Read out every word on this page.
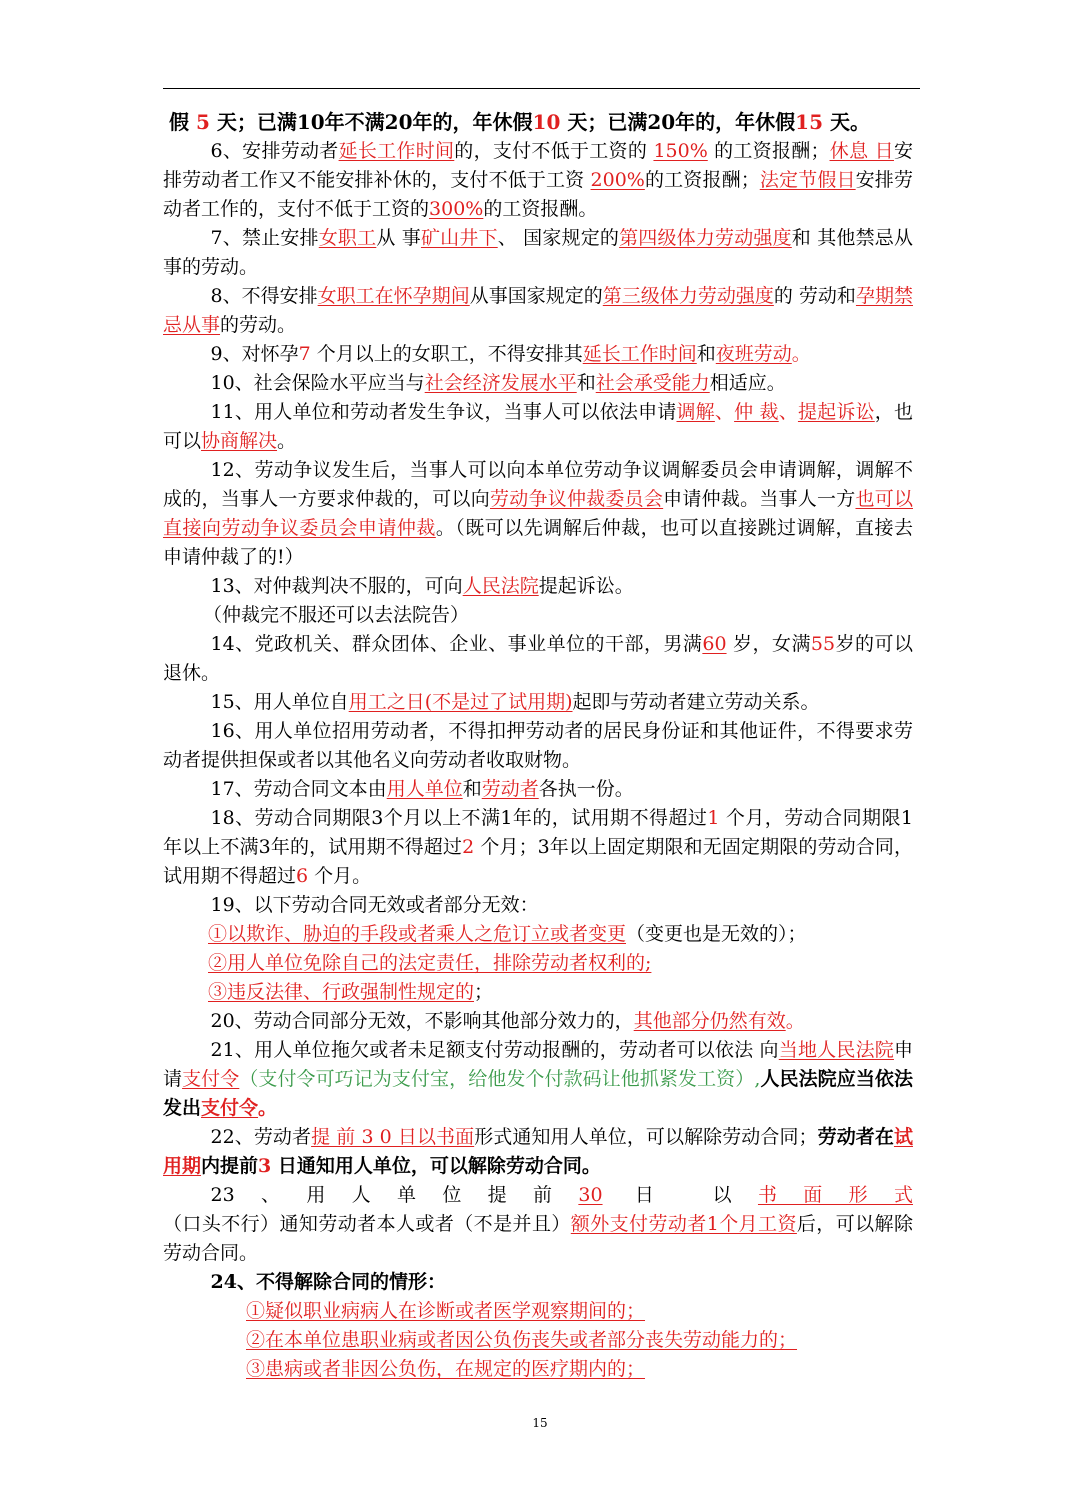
假 5 天；已满10年不满20年的，年休假10 天；已满20年的，年休假15 天。

6、安排劳动者延长工作时间的，支付不低于工资的 150% 的工资报酬；休息 日安排劳动者工作又不能安排补休的，支付不低于工资 200%的工资报酬；法定节假日安排劳动者工作的，支付不低于工资的300%的工资报酬。

7、禁止安排女职工从 事矿山井下、 国家规定的第四级体力劳动强度和 其他禁忌从事的劳动。

8、不得安排女职工在怀孕期间从事国家规定的第三级体力劳动强度的 劳动和孕期禁忌从事的劳动。

9、对怀孕7 个月以上的女职工，不得安排其延长工作时间和夜班劳动。

10、社会保险水平应当与社会经济发展水平和社会承受能力相适应。

11、用人单位和劳动者发生争议，当事人可以依法申请调解、仲 裁、提起诉讼，也可以协商解决。

12、劳动争议发生后，当事人可以向本单位劳动争议调解委员会申请调解，调解不成的，当事人一方要求仲裁的，可以向劳动争议仲裁委员会申请仲裁。当事人一方也可以直接向劳动争议委员会申请仲裁。（既可以先调解后仲裁，也可以直接跳过调解，直接去申请仲裁了的!）

13、对仲裁判决不服的，可向人民法院提起诉讼。

（仲裁完不服还可以去法院告）

14、党政机关、群众团体、企业、事业单位的干部，男满60 岁，女满55岁的可以退休。

15、用人单位自用工之日(不是过了试用期)起即与劳动者建立劳动关系。

16、用人单位招用劳动者，不得扣押劳动者的居民身份证和其他证件，不得要求劳动者提供担保或者以其他名义向劳动者收取财物。

17、劳动合同文本由用人单位和劳动者各执一份。

18、劳动合同期限3个月以上不满1年的，试用期不得超过1 个月，劳动合同期限1年以上不满3年的，试用期不得超过2 个月；3年以上固定期限和无固定期限的劳动合同，试用期不得超过6 个月。

19、以下劳动合同无效或者部分无效：

①以欺诈、胁迫的手段或者乘人之危订立或者变更（变更也是无效的）；

②用人单位免除自己的法定责任，排除劳动者权利的;

③违反法律、行政强制性规定的；

20、劳动合同部分无效，不影响其他部分效力的，其他部分仍然有效。

21、用人单位拖欠或者未足额支付劳动报酬的，劳动者可以依法 向当地人民法院申请支付令（支付令可巧记为支付宝，给他发个付款码让他抓紧发工资）,人民法院应当依法发出支付令。

22、劳动者提 前 3 0 日以书面形式通知用人单位，可以解除劳动合同；劳动者在试用期内提前3 日通知用人单位，可以解除劳动合同。

23、用人单位提前30 日 以书面形式（口头不行）通知劳动者本人或者（不是并且）额外支付劳动者1个月工资后，可以解除劳动合同。

24、不得解除合同的情形：

①疑似职业病病人在诊断或者医学观察期间的；

②在本单位患职业病或者因公负伤丧失或者部分丧失劳动能力的；

③患病或者非因公负伤，在规定的医疗期内的；

15
